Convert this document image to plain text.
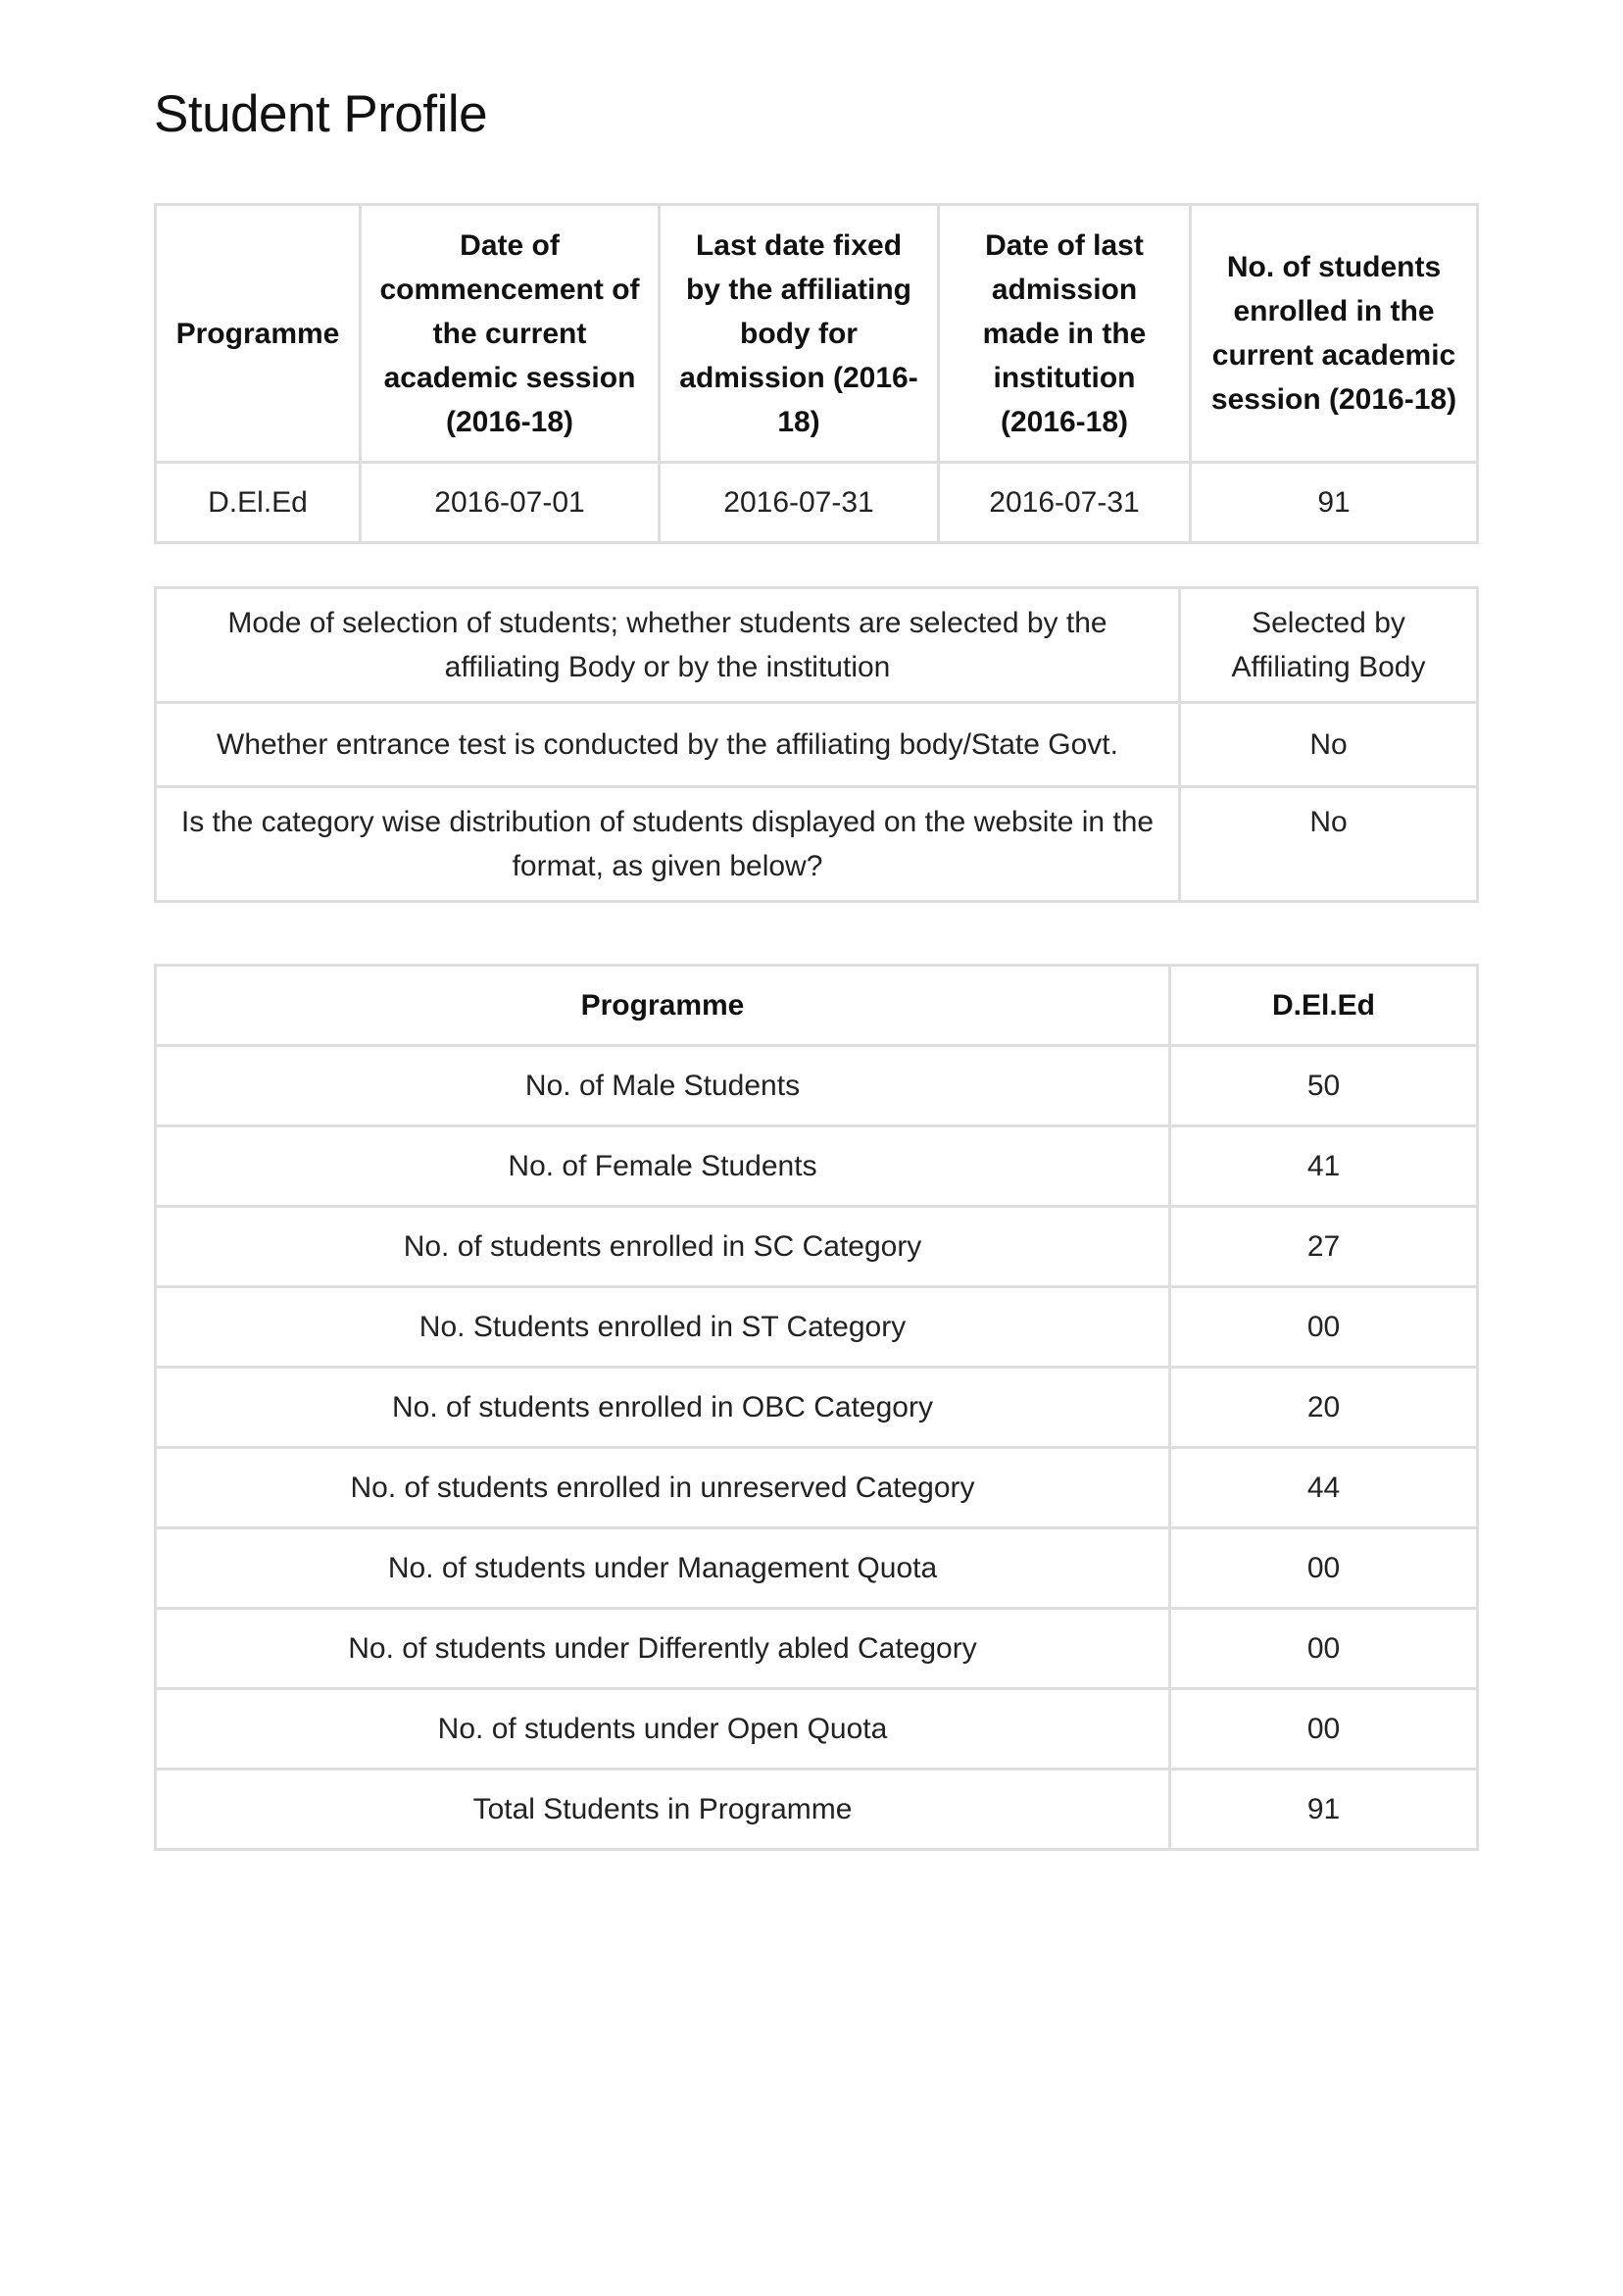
Student Profile
Programme	Date of commencement of the current academic session (2016-18)	Last date fixed by the affiliating body for admission (2016-18)	Date of last admission made in the institution (2016-18)	No. of students enrolled in the current academic session (2016-18)
D.El.Ed	2016-07-01	2016-07-31	2016-07-31	91
Mode of selection of students; whether students are selected by the affiliating Body or by the institution	Selected by Affiliating Body
Whether entrance test is conducted by the affiliating body/State Govt.	No
Is the category wise distribution of students displayed on the website in the format, as given below?	No
Programme	D.El.Ed
No. of Male Students	50
No. of Female Students	41
No. of students enrolled in SC Category	27
No. Students enrolled in ST Category	00
No. of students enrolled in OBC Category	20
No. of students enrolled in unreserved Category	44
No. of students under Management Quota	00
No. of students under Differently abled Category	00
No. of students under Open Quota	00
Total Students in Programme	91
